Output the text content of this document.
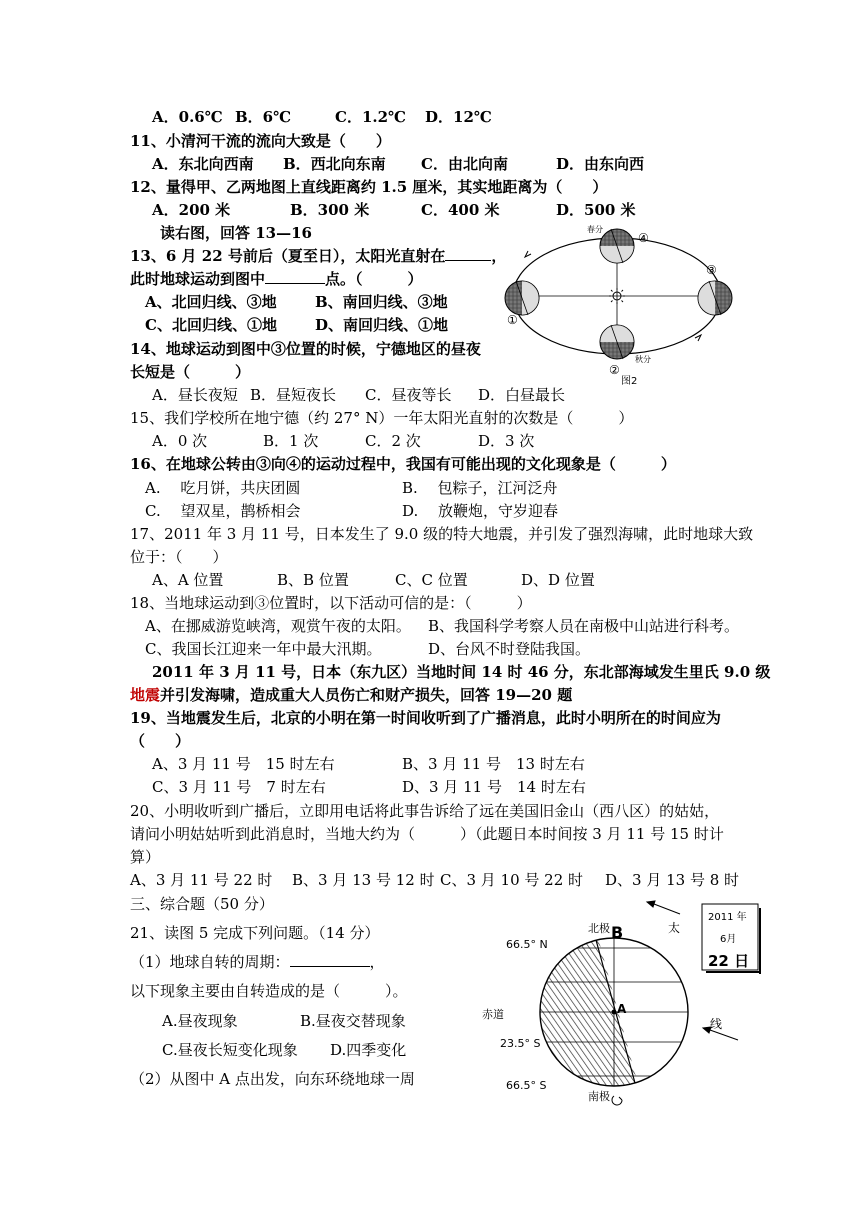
A．0.6℃ B．6℃	C．1.2℃ D．12℃
11、小清河干流的流向大致是（　　）
A．东北向西南 B．西北向东南 C．由北向南	D．由东向西
12、量得甲、乙两地图上直线距离约 1.5 厘米，其实地距离为（　　）
A．200 米	B．300 米	C．400 米	D．500 米
读右图，回答 13—16
13、6 月 22 号前后（夏至日），太阳光直射在	，
此时地球运动到图中	点。（　　　）
A、北回归线、③地	B、南回归线、③地
C、北回归线、①地	D、南回归线、①地
14、地球运动到图中③位置的时候，宁德地区的昼夜
长短是（　　　）
A．昼长夜短 B．昼短夜长 C．昼夜等长 D．白昼最长
15、我们学校所在地宁德（约 27° N）一年太阳光直射的次数是（　　　）
A．0 次	B．1 次	C．2 次	D．3 次
16、在地球公转由③向④的运动过程中，我国有可能出现的文化现象是（　　　）
A.　 吃月饼，共庆团圆	B.　 包粽子，江河泛舟
C.　 望双星，鹊桥相会	D.　 放鞭炮，守岁迎春
17、2011 年 3 月 11 号，日本发生了 9.0 级的特大地震，并引发了强烈海啸，此时地球大致
位于：（　　）
A、A 位置	B、B 位置	C、C 位置	D、D 位置
18、当地球运动到③位置时，以下活动可信的是：（　　　）
A、在挪威游览峡湾，观赏午夜的太阳。 B、我国科学考察人员在南极中山站进行科考。
C、我国长江迎来一年中最大汛期。	D、台风不时登陆我国。
2011 年 3 月 11 号，日本（东九区）当地时间 14 时 46 分，东北部海域发生里氏 9.0 级
地震并引发海啸，造成重大人员伤亡和财产损失，回答 19—20 题
19、当地震发生后，北京的小明在第一时间收听到了广播消息，此时小明所在的时间应为
（　　）
A、3 月 11 号　15 时左右	B、3 月 11 号　13 时左右
C、3 月 11 号　7 时左右	D、3 月 11 号　14 时左右
20、小明收听到广播后，立即用电话将此事告诉给了远在美国旧金山（西八区）的姑姑，
请问小明姑姑听到此消息时，当地大约为（　　　）（此题日本时间按 3 月 11 号 15 时计
算）
A、3 月 11 号 22 时 B、3 月 13 号 12 时 C、3 月 10 号 22 时 D、3 月 13 号 8 时
三、综合题（50 分）
21、读图 5 完成下列问题。（14 分）
（1）地球自转的周期：	，
以下现象主要由自转造成的是（　　　）。
A.昼夜现象	B.昼夜交替现象
C.昼夜长短变化现象 D.四季变化
（2）从图中 A 点出发，向东环绕地球一周
春分
秋分
①
②
③
④
图2
A
B
北极
南极
66.5° N
赤道
23.5° S
66.5° S
太
线
2011 年
6月
22 日
